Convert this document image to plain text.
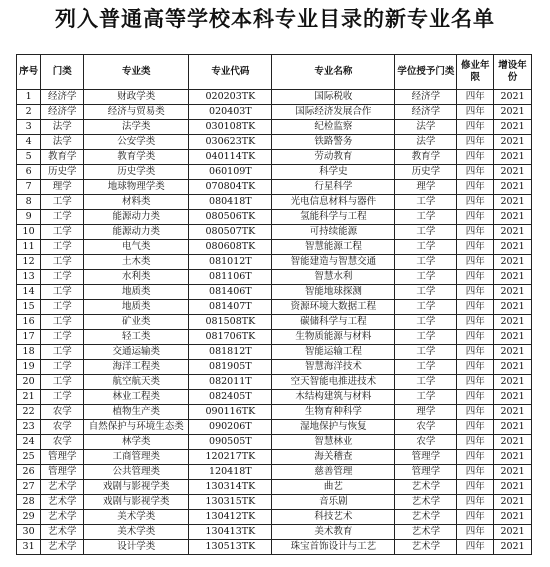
列入普通高等学校本科专业目录的新专业名单
序号	门类	专业类	专业代码	专业名称	学位授予门类	修业年限	增设年份
1	经济学	财政学类	020203TK	国际税收	经济学	四年	2021
2	经济学	经济与贸易类	020403T	国际经济发展合作	经济学	四年	2021
3	法学	法学类	030108TK	纪检监察	法学	四年	2021
4	法学	公安学类	030623TK	铁路警务	法学	四年	2021
5	教育学	教育学类	040114TK	劳动教育	教育学	四年	2021
6	历史学	历史学类	060109T	科学史	历史学	四年	2021
7	理学	地球物理学类	070804TK	行星科学	理学	四年	2021
8	工学	材料类	080418T	光电信息材料与器件	工学	四年	2021
9	工学	能源动力类	080506TK	氢能科学与工程	工学	四年	2021
10	工学	能源动力类	080507TK	可持续能源	工学	四年	2021
11	工学	电气类	080608TK	智慧能源工程	工学	四年	2021
12	工学	土木类	081012T	智能建造与智慧交通	工学	四年	2021
13	工学	水利类	081106T	智慧水利	工学	四年	2021
14	工学	地质类	081406T	智能地球探测	工学	四年	2021
15	工学	地质类	081407T	资源环境大数据工程	工学	四年	2021
16	工学	矿业类	081508TK	碳储科学与工程	工学	四年	2021
17	工学	轻工类	081706TK	生物质能源与材料	工学	四年	2021
18	工学	交通运输类	081812T	智能运输工程	工学	四年	2021
19	工学	海洋工程类	081905T	智慧海洋技术	工学	四年	2021
20	工学	航空航天类	082011T	空天智能电推进技术	工学	四年	2021
21	工学	林业工程类	082405T	木结构建筑与材料	工学	四年	2021
22	农学	植物生产类	090116TK	生物育种科学	理学	四年	2021
23	农学	自然保护与环境生态类	090206T	湿地保护与恢复	农学	四年	2021
24	农学	林学类	090505T	智慧林业	农学	四年	2021
25	管理学	工商管理类	120217TK	海关稽查	管理学	四年	2021
26	管理学	公共管理类	120418T	慈善管理	管理学	四年	2021
27	艺术学	戏剧与影视学类	130314TK	曲艺	艺术学	四年	2021
28	艺术学	戏剧与影视学类	130315TK	音乐剧	艺术学	四年	2021
29	艺术学	美术学类	130412TK	科技艺术	艺术学	四年	2021
30	艺术学	美术学类	130413TK	美术教育	艺术学	四年	2021
31	艺术学	设计学类	130513TK	珠宝首饰设计与工艺	艺术学	四年	2021
